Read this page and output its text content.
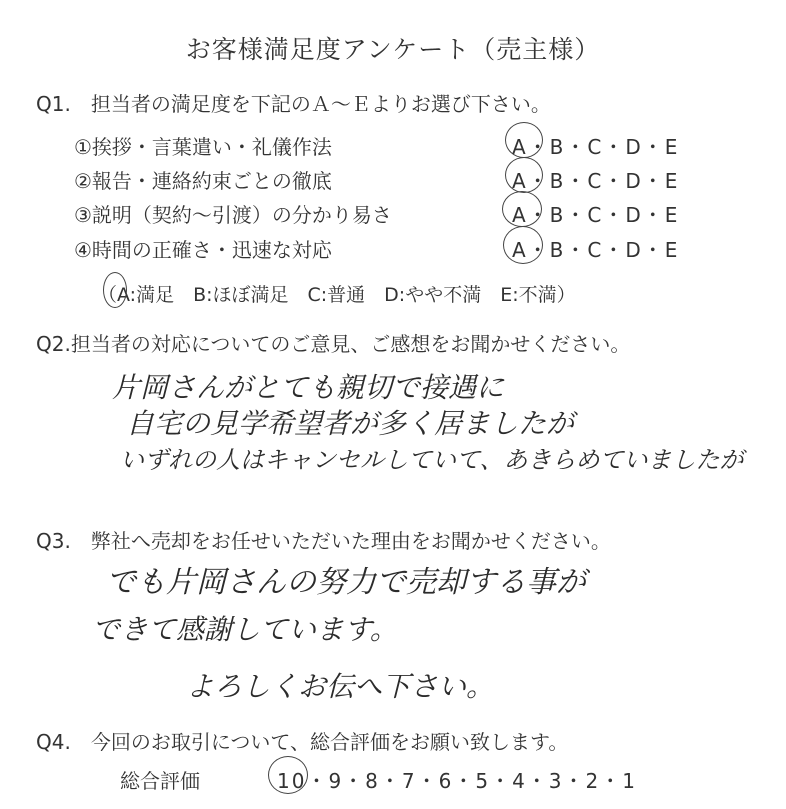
お客様満足度アンケート（売主様）
Q1.　担当者の満足度を下記のＡ～Ｅよりお選び下さい。
①挨拶・言葉遣い・礼儀作法	A・B・C・D・E
②報告・連絡約束ごとの徹底	A・B・C・D・E
③説明（契約～引渡）の分かり易さ	A・B・C・D・E
④時間の正確さ・迅速な対応	A・B・C・D・E
（A:満足　B:ほぼ満足　C:普通　D:やや不満　E:不満）
Q2.担当者の対応についてのご意見、ご感想をお聞かせください。
片岡さんがとても親切で接遇に
自宅の見学希望者が多く居ましたが
いずれの人はキャンセルしていて、あきらめていましたが
Q3.　弊社へ売却をお任せいただいた理由をお聞かせください。
でも片岡さんの努力で売却する事が
できて感謝しています。
よろしくお伝へ下さい。
Q4.　今回のお取引について、総合評価をお願い致します。
総合評価	10・9・8・7・6・5・4・3・2・1
